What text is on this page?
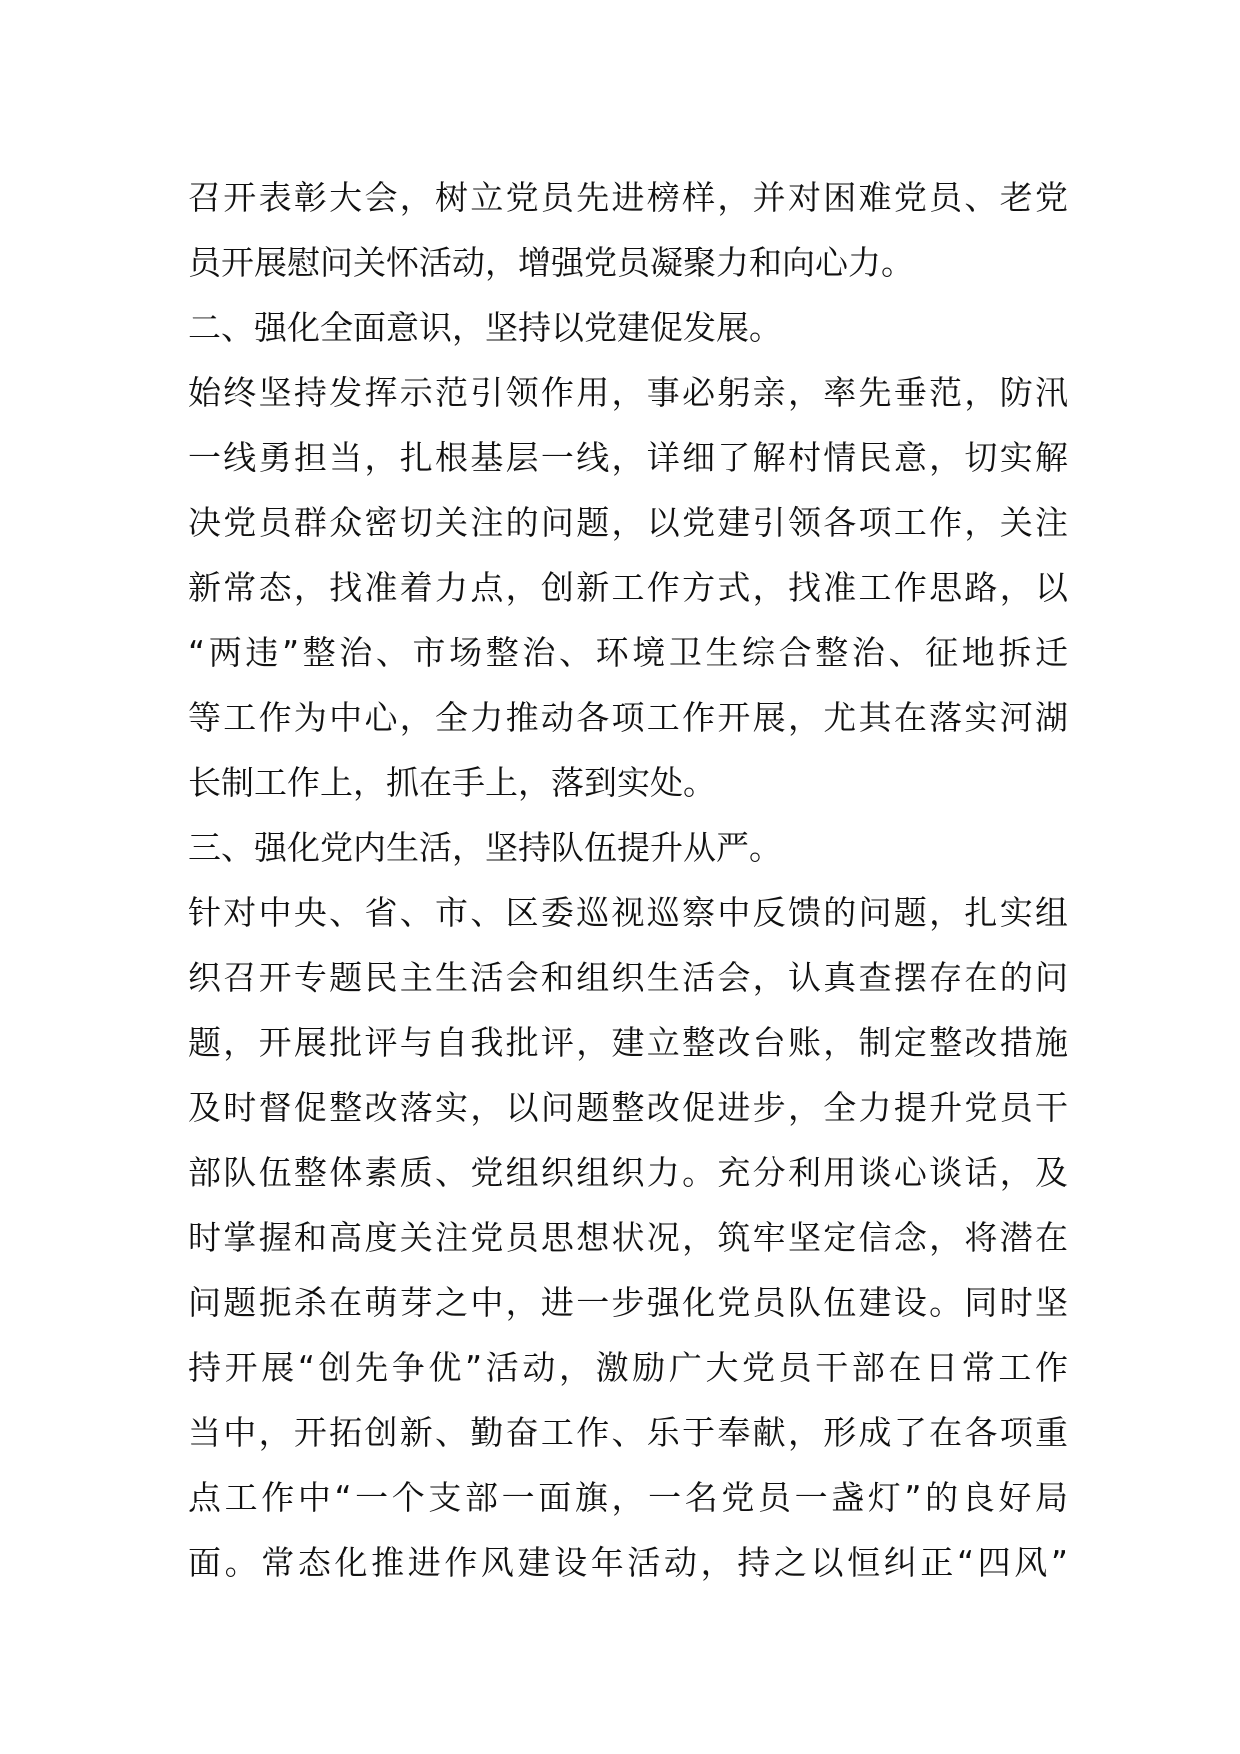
召开表彰大会，树立党员先进榜样，并对困难党员、老党
员开展慰问关怀活动，增强党员凝聚力和向心力。
二、强化全面意识，坚持以党建促发展。
始终坚持发挥示范引领作用，事必躬亲，率先垂范，防汛
一线勇担当，扎根基层一线，详细了解村情民意，切实解
决党员群众密切关注的问题，以党建引领各项工作，关注
新常态，找准着力点，创新工作方式，找准工作思路，以
“两违”整治、市场整治、环境卫生综合整治、征地拆迁
等工作为中心，全力推动各项工作开展，尤其在落实河湖
长制工作上，抓在手上，落到实处。
三、强化党内生活，坚持队伍提升从严。
针对中央、省、市、区委巡视巡察中反馈的问题，扎实组
织召开专题民主生活会和组织生活会，认真查摆存在的问
题，开展批评与自我批评，建立整改台账，制定整改措施
及时督促整改落实，以问题整改促进步，全力提升党员干
部队伍整体素质、党组织组织力。充分利用谈心谈话，及
时掌握和高度关注党员思想状况，筑牢坚定信念，将潜在
问题扼杀在萌芽之中，进一步强化党员队伍建设。同时坚
持开展“创先争优”活动，激励广大党员干部在日常工作
当中，开拓创新、勤奋工作、乐于奉献，形成了在各项重
点工作中“一个支部一面旗，一名党员一盏灯”的良好局
面。常态化推进作风建设年活动，持之以恒纠正“四风”
